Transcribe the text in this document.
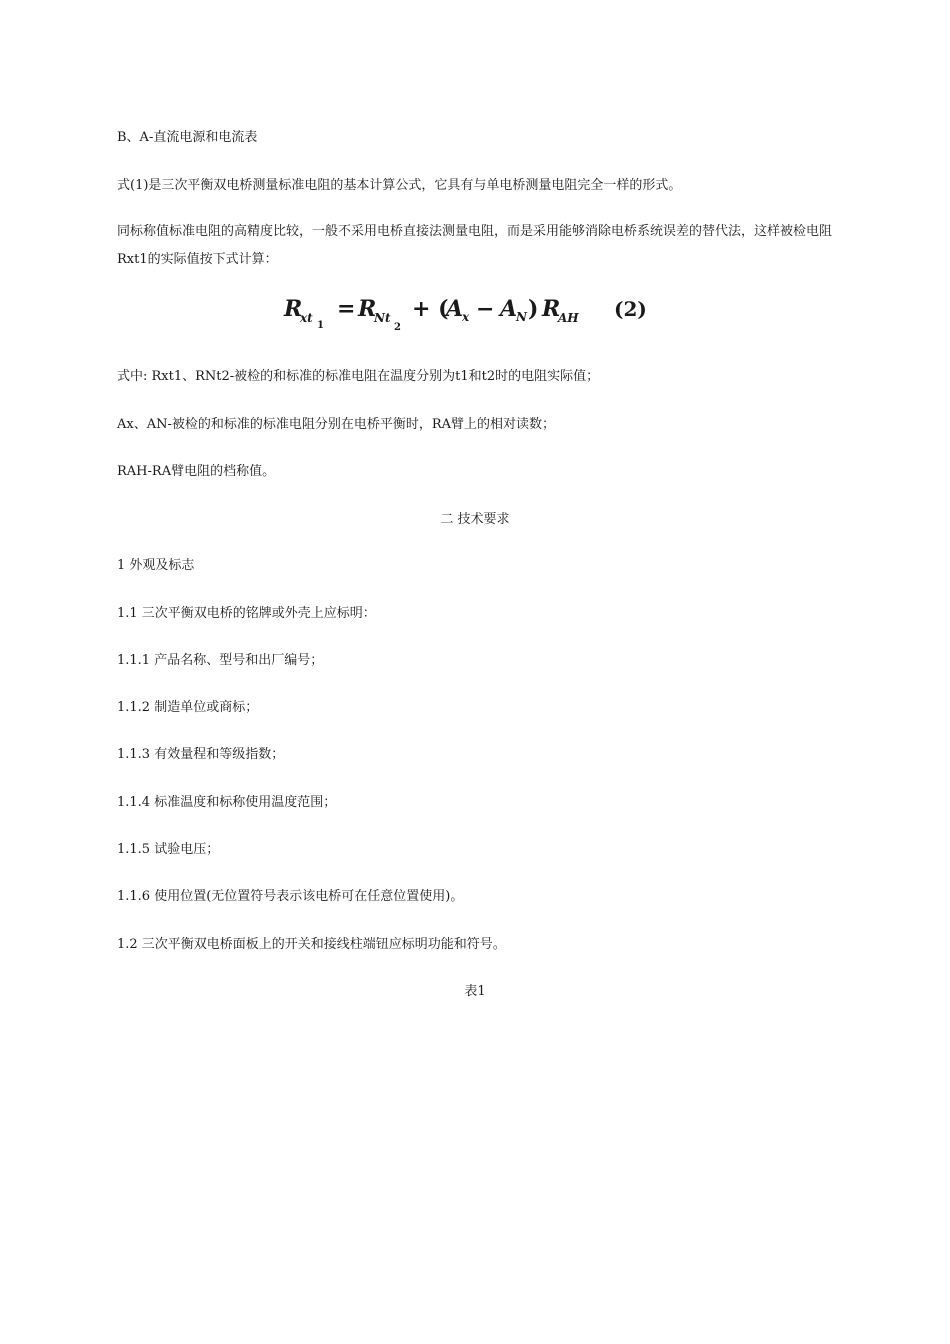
B、A-直流电源和电流表
式(1)是三次平衡双电桥测量标准电阻的基本计算公式，它具有与单电桥测量电阻完全一样的形式。
同标称值标准电阻的高精度比较，一般不采用电桥直接法测量电阻，而是采用能够消除电桥系统误差的替代法，这样被检电阻Rxt1的实际值按下式计算：
R
xt
1
= R
Nt
2
+ (
A
x − A
N ) R
AH (2)
式中: Rxt1、RNt2-被检的和标准的标准电阻在温度分别为t1和t2时的电阻实际值；
Ax、AN-被检的和标准的标准电阻分别在电桥平衡时，RA臂上的相对读数；
RAH-RA臂电阻的档称值。
二 技术要求
1 外观及标志
1.1 三次平衡双电桥的铭牌或外壳上应标明：
1.1.1 产品名称、型号和出厂编号；
1.1.2 制造单位或商标；
1.1.3 有效量程和等级指数；
1.1.4 标准温度和标称使用温度范围；
1.1.5 试验电压；
1.1.6 使用位置(无位置符号表示该电桥可在任意位置使用)。
1.2 三次平衡双电桥面板上的开关和接线柱端钮应标明功能和符号。
表1
